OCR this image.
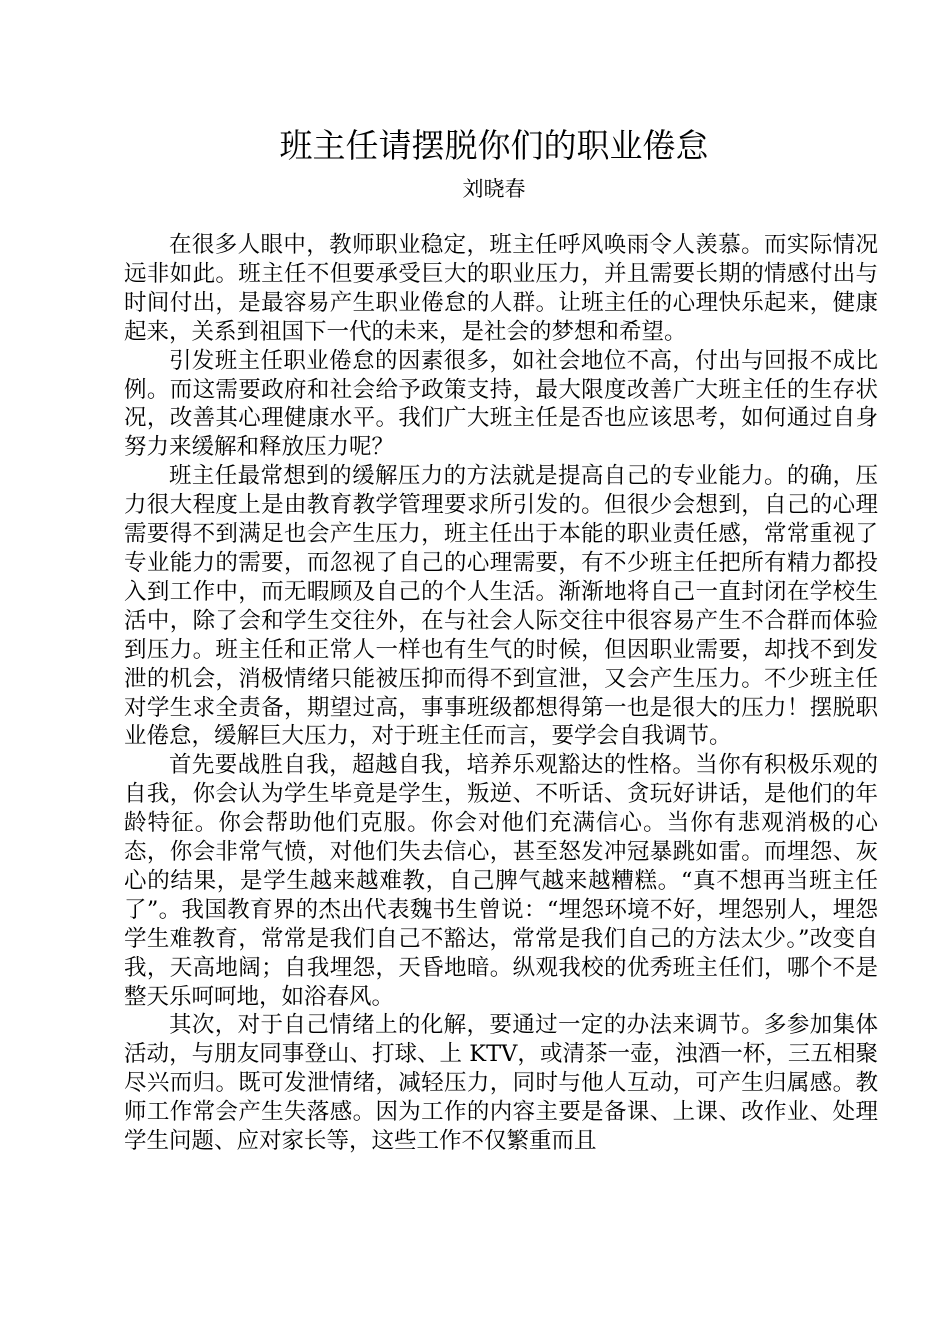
班主任请摆脱你们的职业倦怠
刘晓春

在很多人眼中，教师职业稳定，班主任呼风唤雨令人羡慕。而实际情况远非如此。班主任不但要承受巨大的职业压力，并且需要长期的情感付出与时间付出，是最容易产生职业倦怠的人群。让班主任的心理快乐起来，健康起来，关系到祖国下一代的未来，是社会的梦想和希望。

引发班主任职业倦怠的因素很多，如社会地位不高，付出与回报不成比例。而这需要政府和社会给予政策支持，最大限度改善广大班主任的生存状况，改善其心理健康水平。我们广大班主任是否也应该思考，如何通过自身努力来缓解和释放压力呢？

班主任最常想到的缓解压力的方法就是提高自己的专业能力。的确，压力很大程度上是由教育教学管理要求所引发的。但很少会想到，自己的心理需要得不到满足也会产生压力，班主任出于本能的职业责任感，常常重视了专业能力的需要，而忽视了自己的心理需要，有不少班主任把所有精力都投入到工作中，而无暇顾及自己的个人生活。渐渐地将自己一直封闭在学校生活中，除了会和学生交往外，在与社会人际交往中很容易产生不合群而体验到压力。班主任和正常人一样也有生气的时候，但因职业需要，却找不到发泄的机会，消极情绪只能被压抑而得不到宣泄，又会产生压力。不少班主任对学生求全责备，期望过高，事事班级都想得第一也是很大的压力！摆脱职业倦怠，缓解巨大压力，对于班主任而言，要学会自我调节。

首先要战胜自我，超越自我，培养乐观豁达的性格。当你有积极乐观的自我，你会认为学生毕竟是学生，叛逆、不听话、贪玩好讲话，是他们的年龄特征。你会帮助他们克服。你会对他们充满信心。当你有悲观消极的心态，你会非常气愤，对他们失去信心，甚至怒发冲冠暴跳如雷。而埋怨、灰心的结果，是学生越来越难教，自己脾气越来越糟糕。“真不想再当班主任了”。我国教育界的杰出代表魏书生曾说：“埋怨环境不好，埋怨别人，埋怨学生难教育，常常是我们自己不豁达，常常是我们自己的方法太少。”改变自我，天高地阔；自我埋怨，天昏地暗。纵观我校的优秀班主任们，哪个不是整天乐呵呵地，如浴春风。

其次，对于自己情绪上的化解，要通过一定的办法来调节。多参加集体活动，与朋友同事登山、打球、上 KTV，或清茶一壶，浊酒一杯，三五相聚尽兴而归。既可发泄情绪，减轻压力，同时与他人互动，可产生归属感。教师工作常会产生失落感。因为工作的内容主要是备课、上课、改作业、处理学生问题、应对家长等，这些工作不仅繁重而且
